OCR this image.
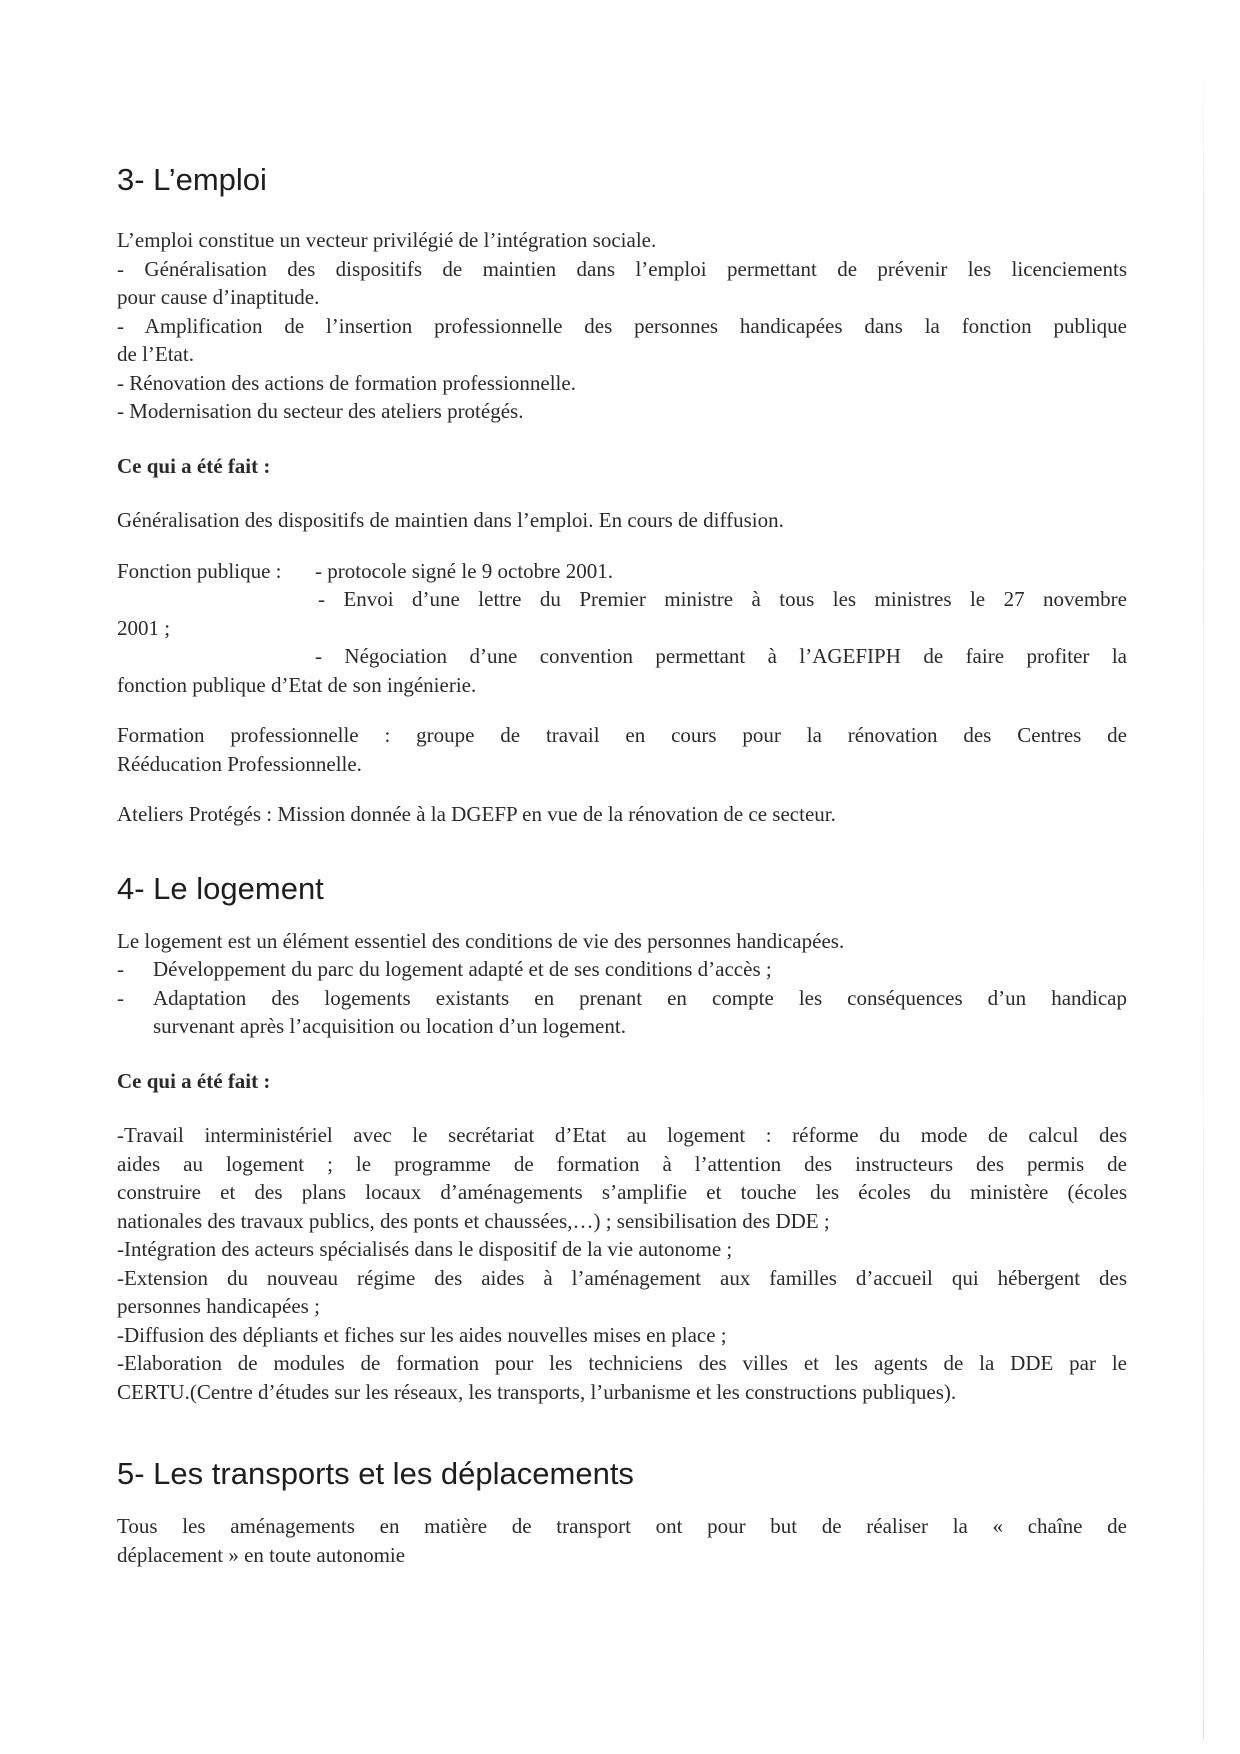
3- L’emploi
L’emploi constitue un vecteur privilégié de l’intégration sociale.
- Généralisation des dispositifs de maintien dans l’emploi permettant de prévenir les licenciements
pour cause d’inaptitude.
- Amplification de l’insertion professionnelle des personnes handicapées dans la fonction publique
de l’Etat.
- Rénovation des actions de formation professionnelle.
- Modernisation du secteur des ateliers protégés.
Ce qui a été fait :
Généralisation des dispositifs de maintien dans l’emploi. En cours de diffusion.
Fonction publique : - protocole signé le 9 octobre 2001.
- Envoi d’une lettre du Premier ministre à tous les ministres le 27 novembre
2001 ;
- Négociation d’une convention permettant à l’AGEFIPH de faire profiter la
fonction publique d’Etat de son ingénierie.
Formation professionnelle : groupe de travail en cours pour la rénovation des Centres de
Rééducation Professionnelle.
Ateliers Protégés : Mission donnée à la DGEFP en vue de la rénovation de ce secteur.
4- Le logement
Le logement est un élément essentiel des conditions de vie des personnes handicapées.
- Développement du parc du logement adapté et de ses conditions d’accès ;
- Adaptation des logements existants en prenant en compte les conséquences d’un handicap
survenant après l’acquisition ou location d’un logement.
Ce qui a été fait :
-Travail interministériel avec le secrétariat d’Etat au logement : réforme du mode de calcul des
aides au logement ; le programme de formation à l’attention des instructeurs des permis de
construire et des plans locaux d’aménagements s’amplifie et touche les écoles du ministère (écoles
nationales des travaux publics, des ponts et chaussées,…) ; sensibilisation des DDE ;
-Intégration des acteurs spécialisés dans le dispositif de la vie autonome ;
-Extension du nouveau régime des aides à l’aménagement aux familles d’accueil qui hébergent des
personnes handicapées ;
-Diffusion des dépliants et fiches sur les aides nouvelles mises en place ;
-Elaboration de modules de formation pour les techniciens des villes et les agents de la DDE par le
CERTU.(Centre d’études sur les réseaux, les transports, l’urbanisme et les constructions publiques).
5- Les transports et les déplacements
Tous les aménagements en matière de transport ont pour but de réaliser la « chaîne de
déplacement » en toute autonomie
